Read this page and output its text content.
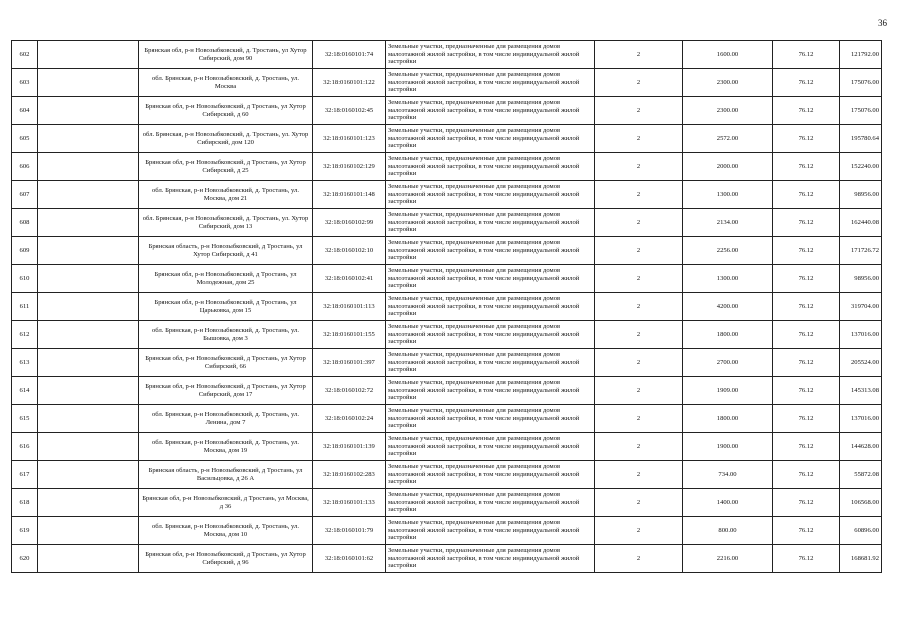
36
602		Брянская обл, р-н Новозыбковский, д. Тростань, ул Хутор Сибирский, дом 90	32:18:0160101:74	Земельные участки, предназначенные для размещения домов малоэтажной жилой застройки, в том числе индивидуальной жилой застройки	2	1600.00	76.12	121792.00
603		обл. Брянская, р-н Новозыбковский, д. Тростань, ул. Москва	32:18:0160101:122	Земельные участки, предназначенные для размещения домов малоэтажной жилой застройки, в том числе индивидуальной жилой застройки	2	2300.00	76.12	175076.00
604		Брянская обл, р-н Новозыбковский, д Тростань, ул Хутор Сибирский, д 60	32:18:0160102:45	Земельные участки, предназначенные для размещения домов малоэтажной жилой застройки, в том числе индивидуальной жилой застройки	2	2300.00	76.12	175076.00
605		обл. Брянская, р-н Новозыбковский, д. Тростань, ул. Хутор Сибирский, дом 120	32:18:0160101:123	Земельные участки, предназначенные для размещения домов малоэтажной жилой застройки, в том числе индивидуальной жилой застройки	2	2572.00	76.12	195780.64
606		Брянская обл, р-н Новозыбковский, д Тростань, ул Хутор Сибирский, д 25	32:18:0160102:129	Земельные участки, предназначенные для размещения домов малоэтажной жилой застройки, в том числе индивидуальной жилой застройки	2	2000.00	76.12	152240.00
607		обл. Брянская, р-н Новозыбковский, д. Тростань, ул. Москва, дом 21	32:18:0160101:148	Земельные участки, предназначенные для размещения домов малоэтажной жилой застройки, в том числе индивидуальной жилой застройки	2	1300.00	76.12	98956.00
608		обл. Брянская, р-н Новозыбковский, д. Тростань, ул. Хутор Сибирский, дом 13	32:18:0160102:99	Земельные участки, предназначенные для размещения домов малоэтажной жилой застройки, в том числе индивидуальной жилой застройки	2	2134.00	76.12	162440.08
609		Брянская область, р-н Новозыбковский, д Тростань, ул Хутор Сибирский, д 41	32:18:0160102:10	Земельные участки, предназначенные для размещения домов малоэтажной жилой застройки, в том числе индивидуальной жилой застройки	2	2256.00	76.12	171726.72
610		Брянская обл, р-н Новозыбковский, д Тростань, ул Молодежная, дом 25	32:18:0160102:41	Земельные участки, предназначенные для размещения домов малоэтажной жилой застройки, в том числе индивидуальной жилой застройки	2	1300.00	76.12	98956.00
611		Брянская обл, р-н Новозыбковский, д Тростань, ул Царьковка, дом 15	32:18:0160101:113	Земельные участки, предназначенные для размещения домов малоэтажной жилой застройки, в том числе индивидуальной жилой застройки	2	4200.00	76.12	319704.00
612		обл. Брянская, р-н Новозыбковский, д. Тростань, ул. Бышовка, дом 3	32:18:0160101:155	Земельные участки, предназначенные для размещения домов малоэтажной жилой застройки, в том числе индивидуальной жилой застройки	2	1800.00	76.12	137016.00
613		Брянская обл, р-н Новозыбковский, д Тростань, ул Хутор Сибирский, 66	32:18:0160101:397	Земельные участки, предназначенные для размещения домов малоэтажной жилой застройки, в том числе индивидуальной жилой застройки	2	2700.00	76.12	205524.00
614		Брянская обл, р-н Новозыбковский, д Тростань, ул Хутор Сибирский, дом 17	32:18:0160102:72	Земельные участки, предназначенные для размещения домов малоэтажной жилой застройки, в том числе индивидуальной жилой застройки	2	1909.00	76.12	145313.08
615		обл. Брянская, р-н Новозыбковский, д. Тростань, ул. Ленина, дом 7	32:18:0160102:24	Земельные участки, предназначенные для размещения домов малоэтажной жилой застройки, в том числе индивидуальной жилой застройки	2	1800.00	76.12	137016.00
616		обл. Брянская, р-н Новозыбковский, д. Тростань, ул. Москва, дом 19	32:18:0160101:139	Земельные участки, предназначенные для размещения домов малоэтажной жилой застройки, в том числе индивидуальной жилой застройки	2	1900.00	76.12	144628.00
617		Брянская область, р-н Новозыбковский, д Тростань, ул Васильцовка, д 26 А	32:18:0160102:283	Земельные участки, предназначенные для размещения домов малоэтажной жилой застройки, в том числе индивидуальной жилой застройки	2	734.00	76.12	55872.08
618		Брянская обл, р-н Новозыбковский, д Тростань, ул Москва, д 36	32:18:0160101:133	Земельные участки, предназначенные для размещения домов малоэтажной жилой застройки, в том числе индивидуальной жилой застройки	2	1400.00	76.12	106568.00
619		обл. Брянская, р-н Новозыбковский, д. Тростань, ул. Москва, дом 10	32:18:0160101:79	Земельные участки, предназначенные для размещения домов малоэтажной жилой застройки, в том числе индивидуальной жилой застройки	2	800.00	76.12	60896.00
620		Брянская обл, р-н Новозыбковский, д Тростань, ул Хутор Сибирский, д 96	32:18:0160101:62	Земельные участки, предназначенные для размещения домов малоэтажной жилой застройки, в том числе индивидуальной жилой застройки	2	2216.00	76.12	168681.92
